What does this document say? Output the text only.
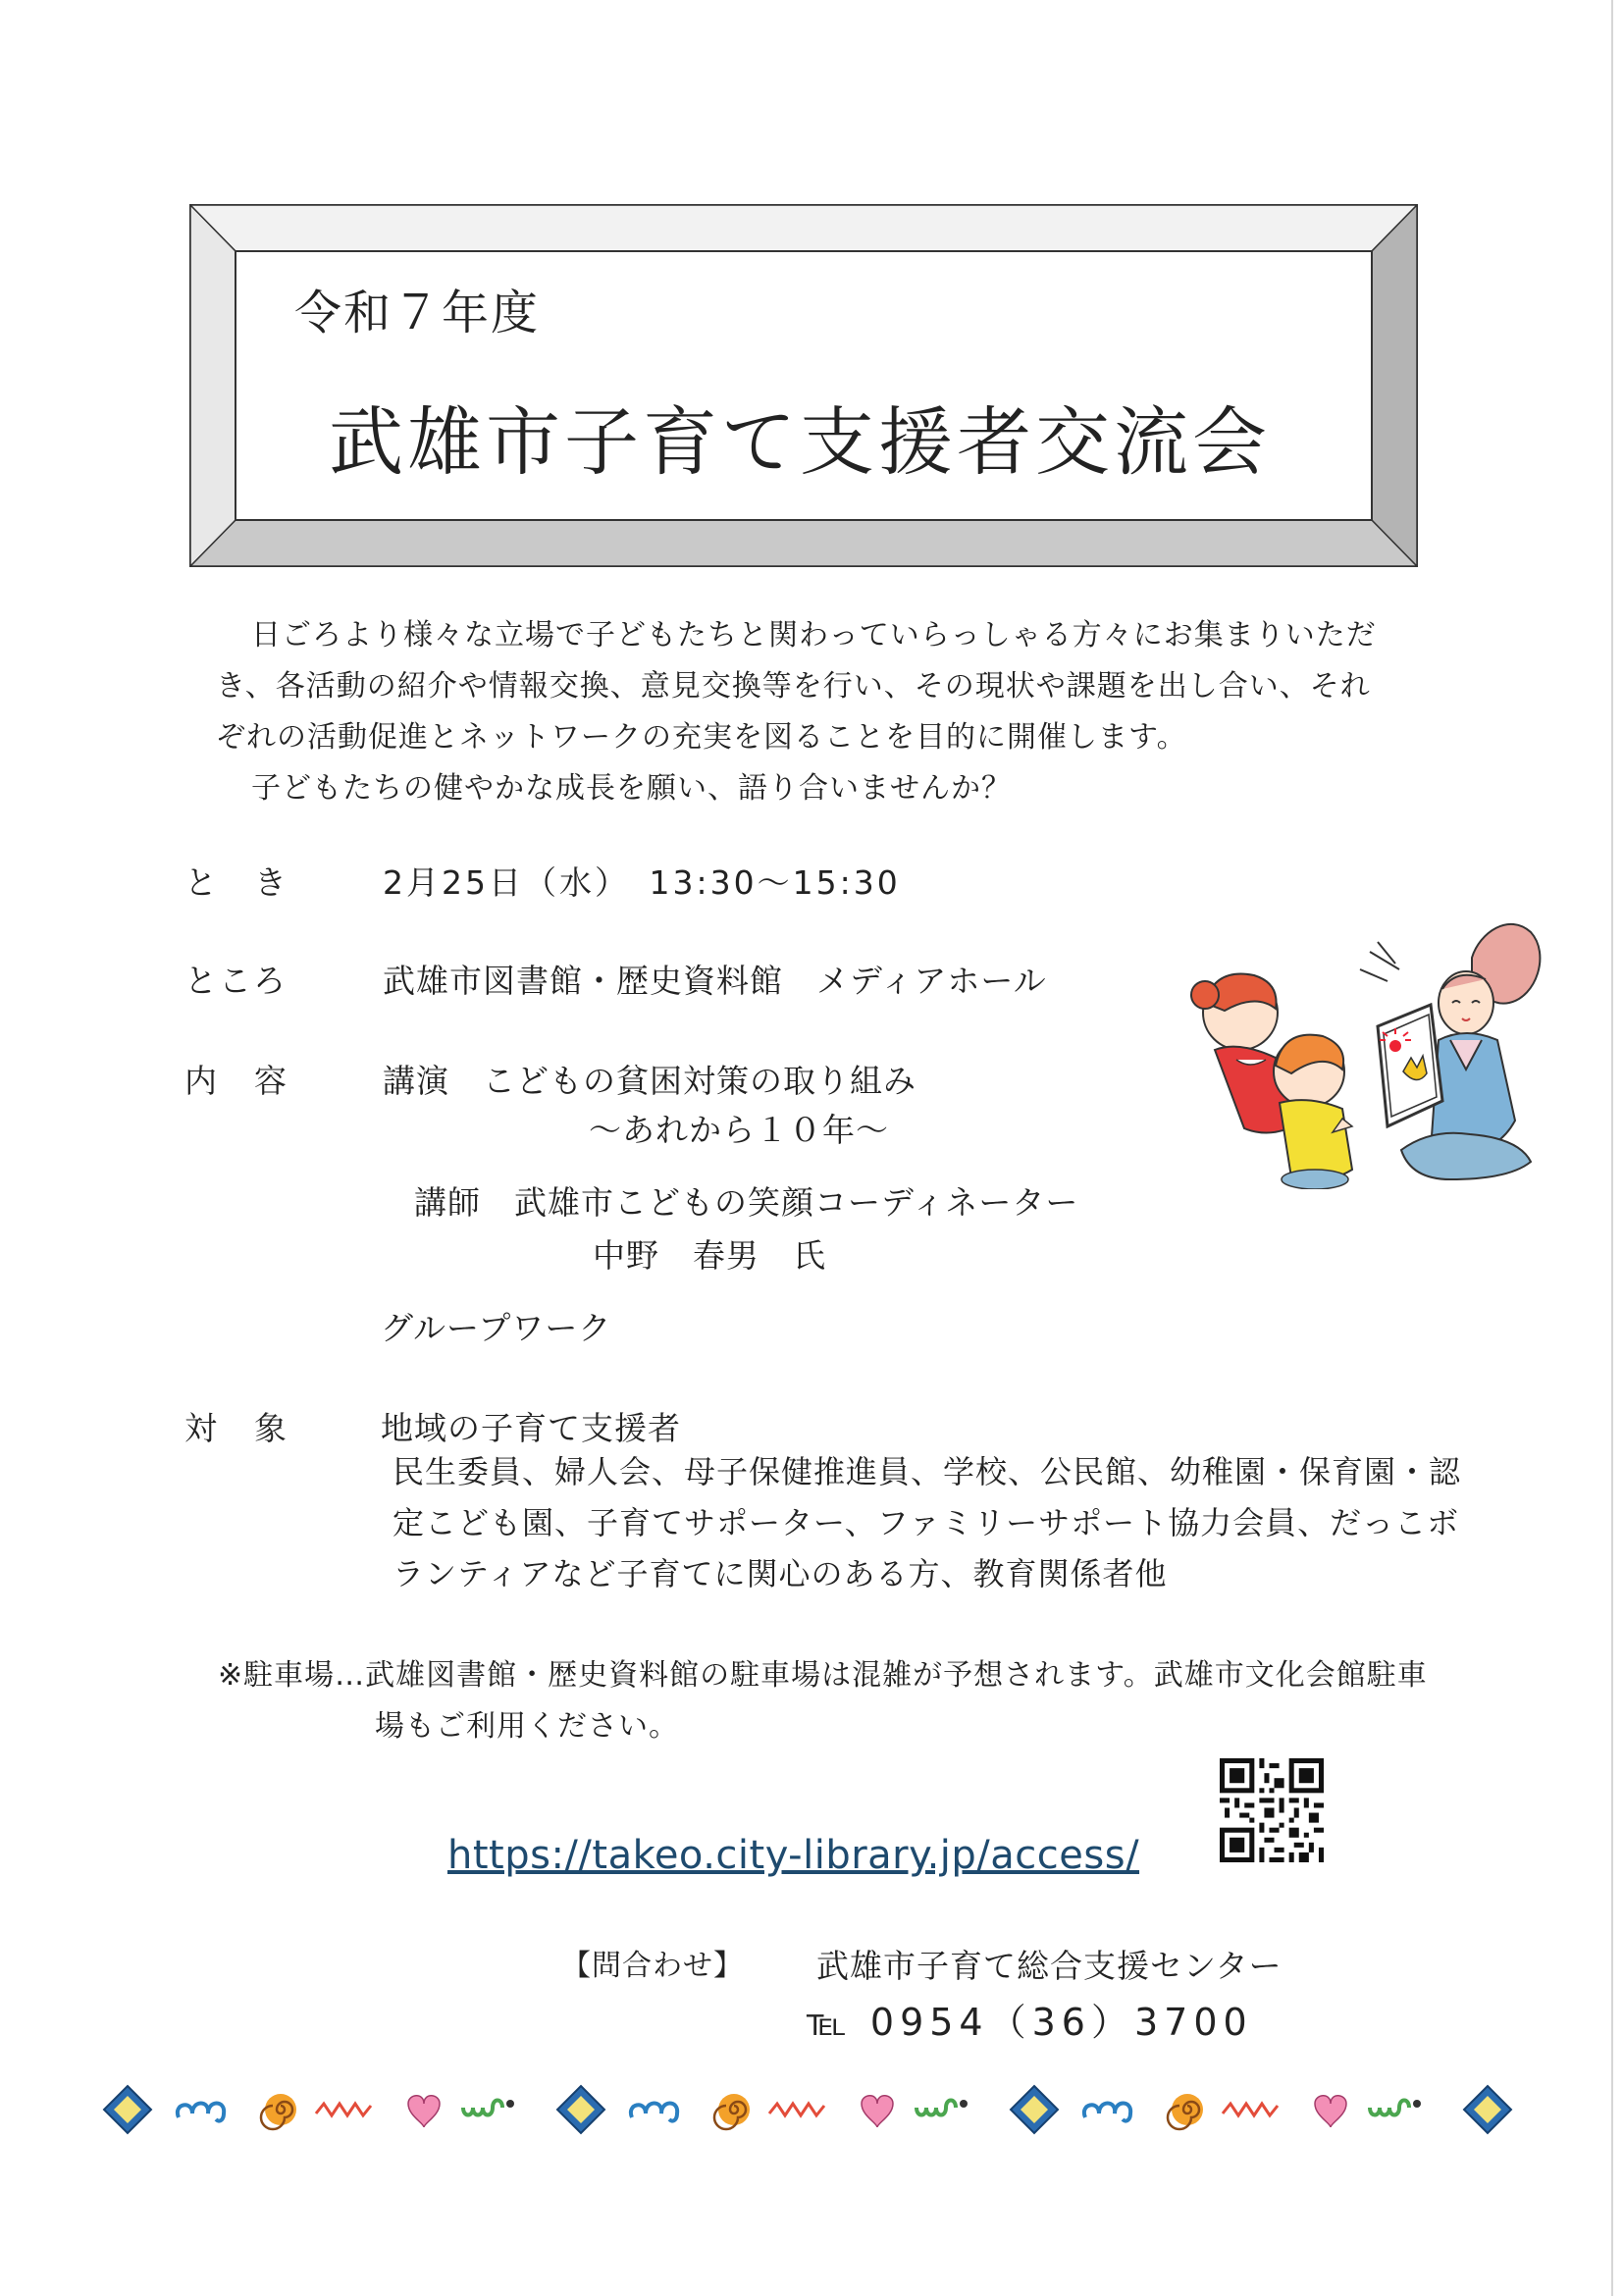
令和７年度
武雄市子育て支援者交流会

日ごろより様々な立場で子どもたちと関わっていらっしゃる方々にお集まりいただき、各活動の紹介や情報交換、意見交換等を行い、その現状や課題を出し合い、それぞれの活動促進とネットワークの充実を図ることを目的に開催します。

子どもたちの健やかな成長を願い、語り合いませんか？

とき 2月25日（水）　13:30～15:30
ところ	武雄市図書館・歴史資料館　メディアホール
内容 講演　こどもの貧困対策の取り組み
～あれから１０年～
講師　武雄市こどもの笑顔コーディネーター
中野　春男　氏
グループワーク
対象 地域の子育て支援者
民生委員、婦人会、母子保健推進員、学校、公民館、幼稚園・保育園・認定こども園、子育てサポーター、ファミリーサポート協力会員、だっこボランティアなど子育てに関心のある方、教育関係者他
※駐車場…武雄図書館・歴史資料館の駐車場は混雑が予想されます。武雄市文化会館駐車
場もご利用ください。
https://takeo.city-library.jp/access/
【問合わせ】 武雄市子育て総合支援センター
℡ 0954（36）3700
